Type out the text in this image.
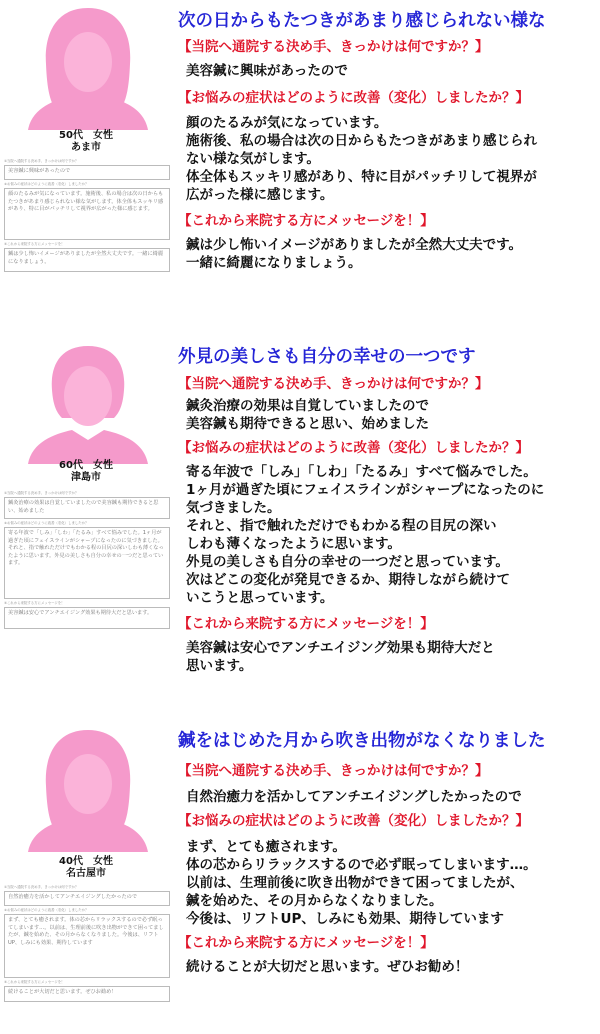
50代　女性
あま市
①当院へ通院する決め手、きっかけは何ですか？
美容鍼に興味があったので
②お悩みの症状はどのように改善（変化）しましたか？
顔のたるみが気になっています。施術後、私の場合は次の日からもたつきがあまり感じられない様な気がします。体全体もスッキリ感があり、特に目がパッチリして視界が広がった様に感じます。
③これから来院する方にメッセージを！
鍼は少し怖いイメージがありましたが全然大丈夫です。一緒に綺麗になりましょう。
次の日からもたつきがあまり感じられない様な
【当院へ通院する決め手、きっかけは何ですか？】
美容鍼に興味があったので
【お悩みの症状はどのように改善（変化）しましたか？】
顔のたるみが気になっています。
施術後、私の場合は次の日からもたつきがあまり感じられ
ない様な気がします。
体全体もスッキリ感があり、特に目がパッチリして視界が
広がった様に感じます。
【これから来院する方にメッセージを！】
鍼は少し怖いイメージがありましたが全然大丈夫です。
一緒に綺麗になりましょう。
60代　女性
津島市
①当院へ通院する決め手、きっかけは何ですか？
鍼灸治療の効果は自覚していましたので美容鍼も期待できると思い、始めました
②お悩みの症状はどのように改善（変化）しましたか？
寄る年波で「しみ」「しわ」「たるみ」すべて悩みでした。1ヶ月が過ぎた頃にフェイスラインがシャープになったのに気づきました。それと、指で触れただけでもわかる程の目尻の深いしわも薄くなったように思います。外見の美しさも自分の幸せの一つだと思っています。
③これから来院する方にメッセージを！
美容鍼は安心でアンチエイジング効果も期待大だと思います。
外見の美しさも自分の幸せの一つです
【当院へ通院する決め手、きっかけは何ですか？】
鍼灸治療の効果は自覚していましたので
美容鍼も期待できると思い、始めました
【お悩みの症状はどのように改善（変化）しましたか？】
寄る年波で「しみ」「しわ」「たるみ」すべて悩みでした。
1ヶ月が過ぎた頃にフェイスラインがシャープになったのに
気づきました。
それと、指で触れただけでもわかる程の目尻の深い
しわも薄くなったように思います。
外見の美しさも自分の幸せの一つだと思っています。
次はどこの変化が発見できるか、期待しながら続けて
いこうと思っています。
【これから来院する方にメッセージを！】
美容鍼は安心でアンチエイジング効果も期待大だと
思います。
40代　女性
名古屋市
①当院へ通院する決め手、きっかけは何ですか？
自然治癒力を活かしてアンチエイジングしたかったので
②お悩みの症状はどのように改善（変化）しましたか？
まず、とても癒されます。体の芯からリラックスするので必ず眠ってしまいます…。以前は、生理前後に吹き出物ができて困ってましたが、鍼を始めた、その月からなくなりました。今後は、リフトUP、しみにも効果、期待しています
③これから来院する方にメッセージを！
続けることが大切だと思います。ぜひお勧め！
鍼をはじめた月から吹き出物がなくなりました
【当院へ通院する決め手、きっかけは何ですか？】
自然治癒力を活かしてアンチエイジングしたかったので
【お悩みの症状はどのように改善（変化）しましたか？】
まず、とても癒されます。
体の芯からリラックスするので必ず眠ってしまいます…。
以前は、生理前後に吹き出物ができて困ってましたが、
鍼を始めた、その月からなくなりました。
今後は、リフトUP、しみにも効果、期待しています
【これから来院する方にメッセージを！】
続けることが大切だと思います。ぜひお勧め！
